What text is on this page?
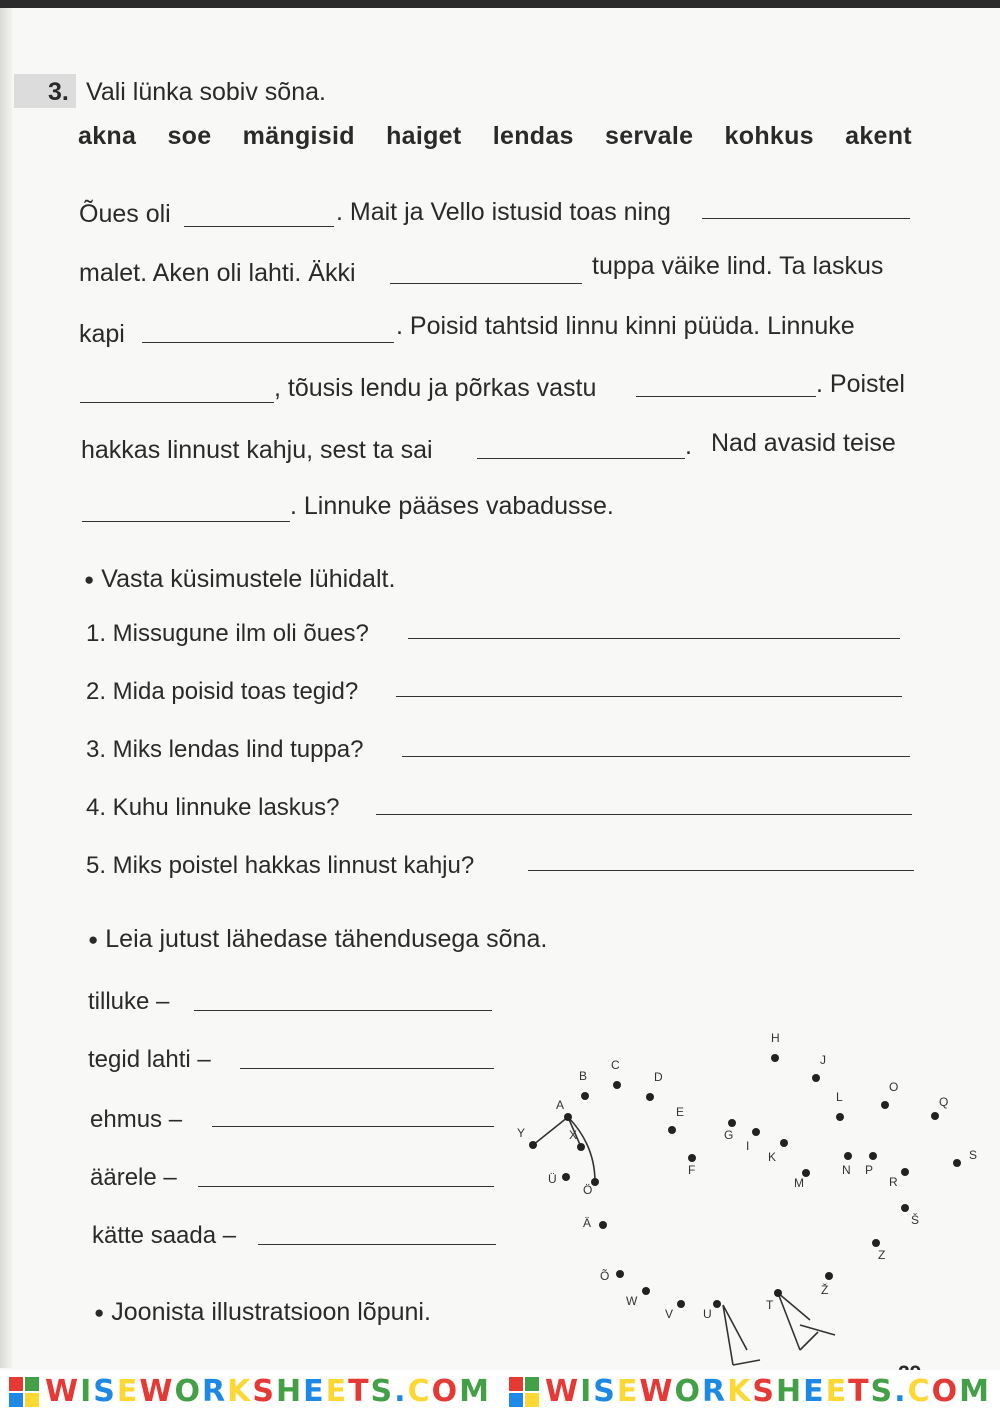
3. Vali lünka sobiv sõna.
akna soe mängisid haiget lendas servale kohkus akent
Õues oli	. Mait ja Vello istusid toas ning
malet. Aken oli lahti. Äkki	tuppa väike lind. Ta laskus
kapi	. Poisid tahtsid linnu kinni püüda. Linnuke
, tõusis lendu ja põrkas vastu	. Poistel
hakkas linnust kahju, sest ta sai	. Nad avasid teise
. Linnuke pääses vabadusse.
● Vasta küsimustele lühidalt.
1. Missugune ilm oli õues?
2. Mida poisid toas tegid?
3. Miks lendas lind tuppa?
4. Kuhu linnuke laskus?
5. Miks poistel hakkas linnust kahju?
● Leia jutust lähedase tähendusega sõna.
tilluke –
tegid lahti –
ehmus –
äärele –
kätte saada –
● Joonista illustratsioon lõpuni.
A
B
C
D
E
F
G
H
I
J
K
L
M
N
O
P
Q
R
S
Š
Z
Ž
T
U
V
W
Õ
Ä
Ö
Ü
X
Y
WISEWORKSHEETS.COM WISEWORKSHEETS.COM
